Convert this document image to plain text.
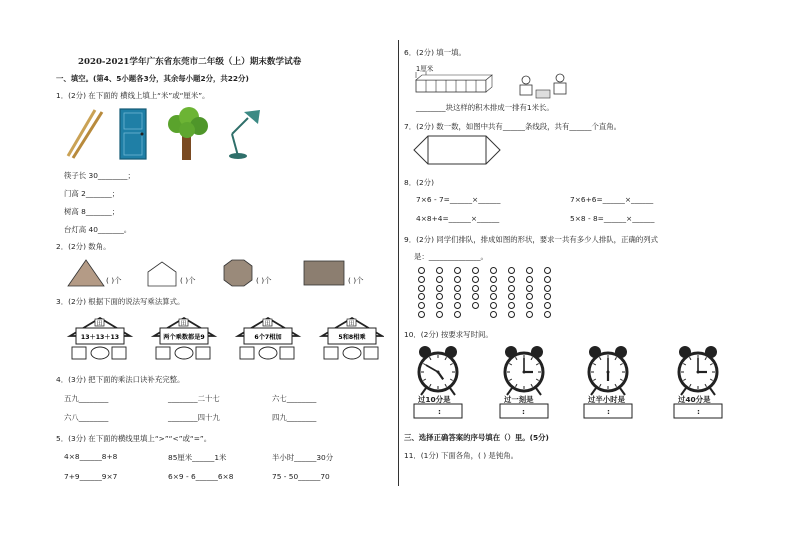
2020-2021学年广东省东莞市二年级（上）期末数学试卷
一、填空。(第4、5小题各3分，其余每小题2分，共22分)
1．(2分) 在下面的 横线上填上“米”或“厘米”。
筷子长 30________；
门高 2_______；
树高 8_______；
台灯高 40_______。
2．(2分) 数角。
( )个	( )个	( )个	( )个
3．(2分) 根据下面的说法写乘法算式。
田
13＋13＋13
田
两个乘数都是9
田
6个7相加
田
5和8相乘
4．(3分) 把下面的乘法口诀补充完整。
五九________	________二十七	六七________
六八________	________四十九	四九________
5．(3分) 在下面的横线里填上“>”“<”或“=”。
4×8______8+8	85厘米______1米	半小时______30分
7+9______9×7	6×9 - 6______6×8	75 - 50______70
6．(2分) 填一填。
1厘米
________块这样的积木排成一排有1米长。
7．(2分) 数一数，如图中共有______条线段，共有______个直角。
8．(2分)
7×6 - 7=______×______	7×6+6=______×______
4×8+4=______×______	5×8 - 8=______×______
9．(2分) 同学们排队，排成如图的形状，要求一共有多少人排队，正确的列式
是：______________。
10．(2分) 按要求写时间。
过10分是	过一刻是	过半小时是	过40分是
:	:	:	:
三、选择正确答案的序号填在（）里。(5分)
11．(1分) 下面各角，( ) 是钝角。
